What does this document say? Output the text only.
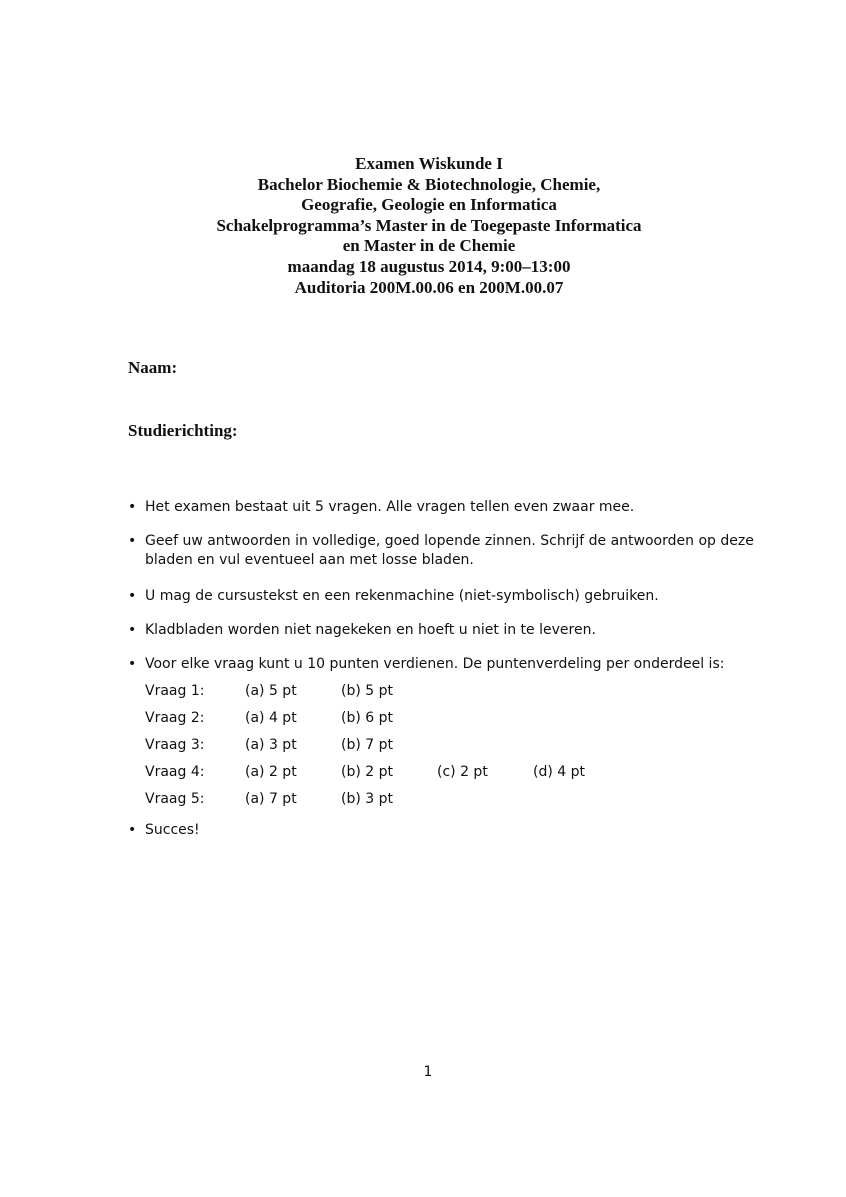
Examen Wiskunde I
Bachelor Biochemie & Biotechnologie, Chemie,
Geografie, Geologie en Informatica
Schakelprogramma’s Master in de Toegepaste Informatica
en Master in de Chemie
maandag 18 augustus 2014, 9:00–13:00
Auditoria 200M.00.06 en 200M.00.07
Naam:
Studierichting:
• Het examen bestaat uit 5 vragen. Alle vragen tellen even zwaar mee.
• Geef uw antwoorden in volledige, goed lopende zinnen. Schrijf de antwoorden op deze bladen en vul eventueel aan met losse bladen.
• U mag de cursustekst en een rekenmachine (niet-symbolisch) gebruiken.
• Kladbladen worden niet nagekeken en hoeft u niet in te leveren.
• Voor elke vraag kunt u 10 punten verdienen. De puntenverdeling per onderdeel is:
Vraag 1:	(a) 5 pt	(b) 5 pt
Vraag 2:	(a) 4 pt	(b) 6 pt
Vraag 3:	(a) 3 pt	(b) 7 pt
Vraag 4:	(a) 2 pt	(b) 2 pt	(c) 2 pt	(d) 4 pt
Vraag 5:	(a) 7 pt	(b) 3 pt
• Succes!
1
